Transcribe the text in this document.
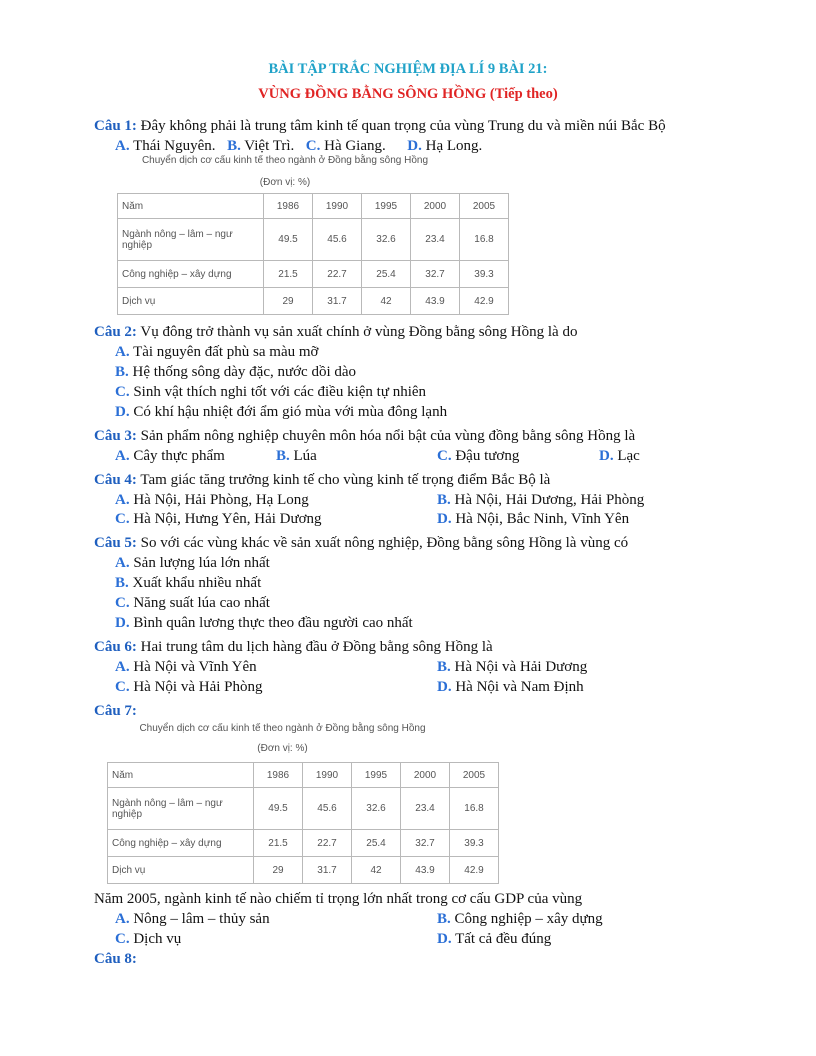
BÀI TẬP TRẮC NGHIỆM ĐỊA LÍ 9 BÀI 21:
VÙNG ĐỒNG BẰNG SÔNG HỒNG (Tiếp theo)
Câu 1: Đây không phải là trung tâm kinh tế quan trọng của vùng Trung du và miền núi Bắc Bộ
A. Thái Nguyên. B. Việt Trì. C. Hà Giang. D. Hạ Long.
Chuyển dịch cơ cấu kinh tế theo ngành ở Đồng bằng sông Hồng
(Đơn vị: %)
Năm	1986	1990	1995	2000	2005
Ngành nông – lâm – ngư
nghiệp	49.5	45.6	32.6	23.4	16.8
Công nghiệp – xây dựng	21.5	22.7	25.4	32.7	39.3
Dịch vụ	29	31.7	42	43.9	42.9
Câu 2: Vụ đông trở thành vụ sản xuất chính ở vùng Đồng bằng sông Hồng là do
A. Tài nguyên đất phù sa màu mỡ
B. Hệ thống sông dày đặc, nước dồi dào
C. Sinh vật thích nghi tốt với các điều kiện tự nhiên
D. Có khí hậu nhiệt đới ẩm gió mùa với mùa đông lạnh
Câu 3: Sản phẩm nông nghiệp chuyên môn hóa nổi bật của vùng đồng bằng sông Hồng là
A. Cây thực phẩm	B. Lúa	C. Đậu tương	D. Lạc
Câu 4: Tam giác tăng trưởng kinh tế cho vùng kinh tế trọng điểm Bắc Bộ là
A. Hà Nội, Hải Phòng, Hạ Long	B. Hà Nội, Hải Dương, Hải Phòng
C. Hà Nội, Hưng Yên, Hải Dương	D. Hà Nội, Bắc Ninh, Vĩnh Yên
Câu 5: So với các vùng khác về sản xuất nông nghiệp, Đồng bằng sông Hồng là vùng có
A. Sản lượng lúa lớn nhất
B. Xuất khẩu nhiều nhất
C. Năng suất lúa cao nhất
D. Bình quân lương thực theo đầu người cao nhất
Câu 6: Hai trung tâm du lịch hàng đầu ở Đồng bằng sông Hồng là
A. Hà Nội và Vĩnh Yên	B. Hà Nội và Hải Dương
C. Hà Nội và Hải Phòng	D. Hà Nội và Nam Định
Câu 7:
Chuyển dịch cơ cấu kinh tế theo ngành ở Đồng bằng sông Hồng
(Đơn vị: %)
Năm	1986	1990	1995	2000	2005
Ngành nông – lâm – ngư
nghiệp	49.5	45.6	32.6	23.4	16.8
Công nghiệp – xây dựng	21.5	22.7	25.4	32.7	39.3
Dịch vụ	29	31.7	42	43.9	42.9
Năm 2005, ngành kinh tế nào chiếm tỉ trọng lớn nhất trong cơ cấu GDP của vùng
A. Nông – lâm – thủy sản	B. Công nghiệp – xây dựng
C. Dịch vụ	D. Tất cả đều đúng
Câu 8:
